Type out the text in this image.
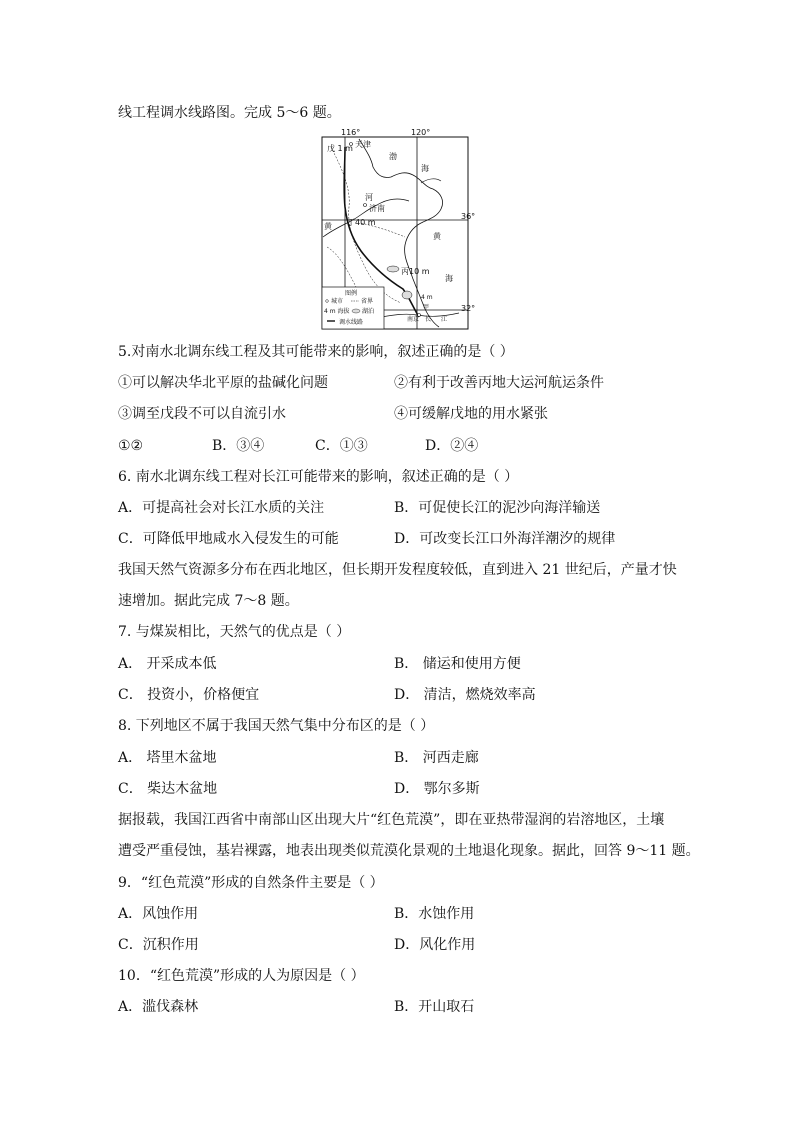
线工程调水线路图。完成 5～6 题。

116°	120°
36°
32°
戊 1 m 天津
渤
海
河
济南
丁40 m
黄
黄
海
丙10 m
4 m
甲
南京 长 江
图例
城市	省界
4 m 海拔 湖泊
调水线路

5.对南水北调东线工程及其可能带来的影响，叙述正确的是（ ）

①可以解决华北平原的盐碱化问题	②有利于改善丙地大运河航运条件

③调至戊段不可以自流引水	④可缓解戊地的用水紧张

①②	B．③④	C．①③	D．②④

6. 南水北调东线工程对长江可能带来的影响，叙述正确的是（ ）

A．可提高社会对长江水质的关注	B．可促使长江的泥沙向海洋输送

C．可降低甲地咸水入侵发生的可能	D．可改变长江口外海洋潮汐的规律

我国天然气资源多分布在西北地区，但长期开发程度较低，直到进入 21 世纪后，产量才快

速增加。据此完成 7～8 题。

7. 与煤炭相比，天然气的优点是（ ）

A． 开采成本低	B． 储运和使用方便

C． 投资小，价格便宜	D． 清洁，燃烧效率高

8. 下列地区不属于我国天然气集中分布区的是（ ）

A． 塔里木盆地	B． 河西走廊

C． 柴达木盆地	D． 鄂尔多斯

据报载，我国江西省中南部山区出现大片“红色荒漠”，即在亚热带湿润的岩溶地区，土壤

遭受严重侵蚀，基岩裸露，地表出现类似荒漠化景观的土地退化现象。据此，回答 9～11 题。

9．“红色荒漠”形成的自然条件主要是（ ）

A．风蚀作用	B．水蚀作用

C．沉积作用	D．风化作用

10．“红色荒漠”形成的人为原因是（ ）

A．滥伐森林	B．开山取石
